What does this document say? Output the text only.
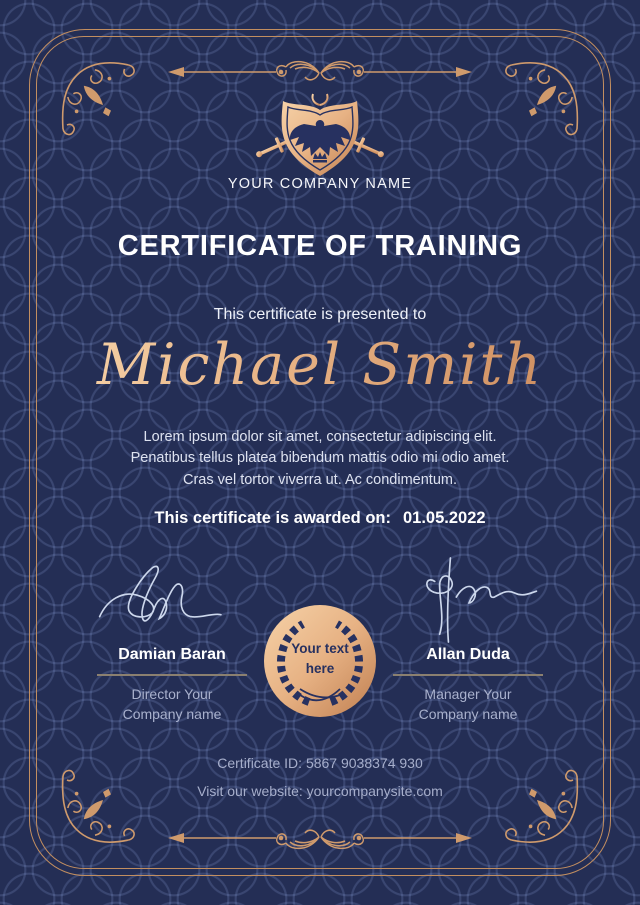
YOUR COMPANY NAME
CERTIFICATE OF TRAINING
This certificate is presented to
Michael Smith
Lorem ipsum dolor sit amet, consectetur adipiscing elit. Penatibus tellus platea bibendum mattis odio mi odio amet. Cras vel tortor viverra ut. Ac condimentum.
This certificate is awarded on: 01.05.2022
Damian Baran
Director Your
Company name
Allan Duda
Manager Your
Company name
Your text
here
Certificate ID: 5867 9038374 930
Visit our website: yourcompanysite.com
